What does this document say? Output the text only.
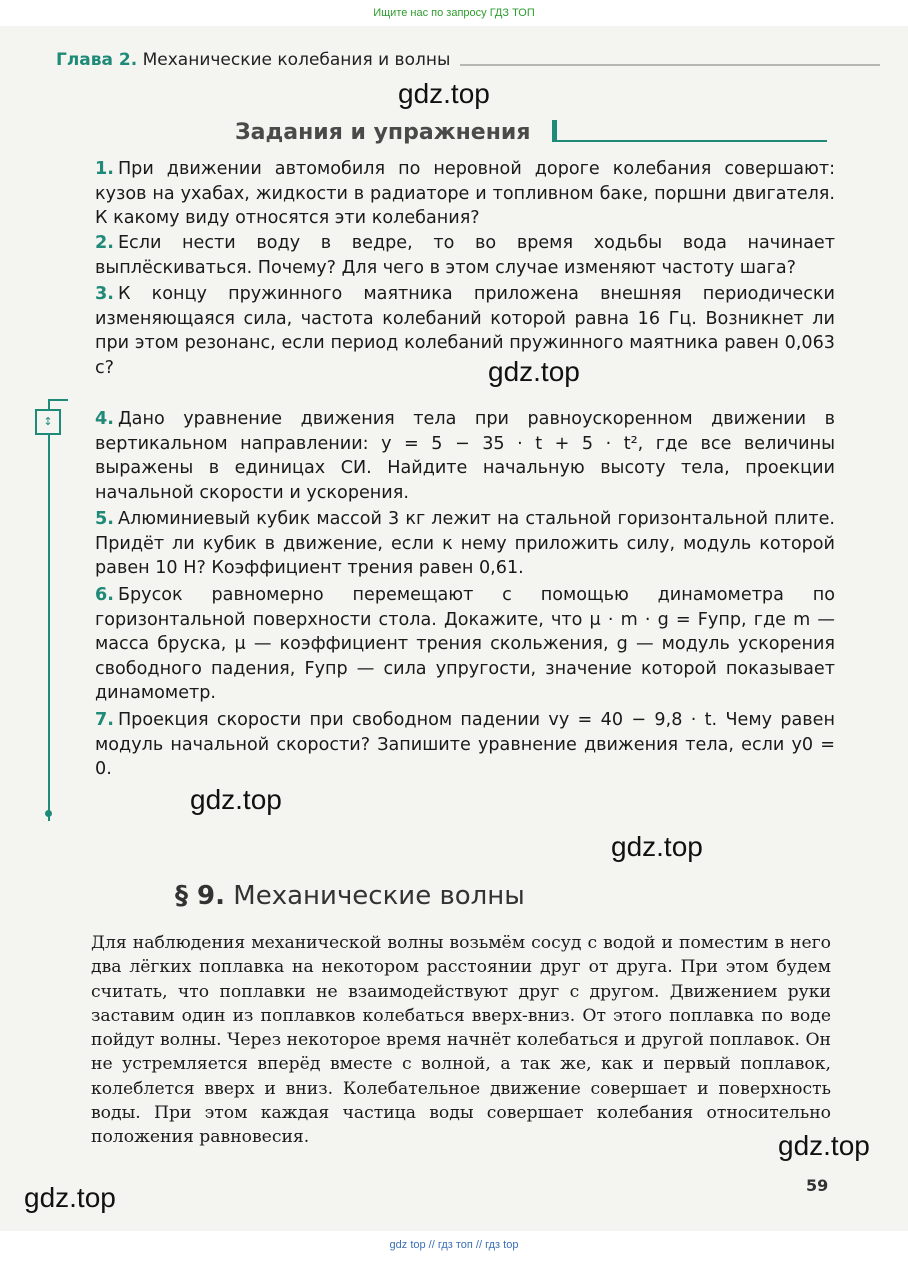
Ищите нас по запросу ГДЗ ТОП
Глава 2. Механические колебания и волны
gdz.top
Задания и упражнения
1. При движении автомобиля по неровной дороге колебания совершают: кузов на ухабах, жидкости в радиаторе и топливном баке, поршни двигателя. К какому виду относятся эти колебания?
2. Если нести воду в ведре, то во время ходьбы вода начинает выплёскиваться. Почему? Для чего в этом случае изменяют частоту шага?
3. К концу пружинного маятника приложена внешняя периодически изменяющаяся сила, частота колебаний которой равна 16 Гц. Возникнет ли при этом резонанс, если период колебаний пружинного маятника равен 0,063 с?	gdz.top
↕	4. Дано уравнение движения тела при равноускоренном движении в вертикальном направлении: y = 5 − 35 · t + 5 · t², где все величины выражены в единицах СИ. Найдите начальную высоту тела, проекции начальной скорости и ускорения.
5. Алюминиевый кубик массой 3 кг лежит на стальной горизонтальной плите. Придёт ли кубик в движение, если к нему приложить силу, модуль которой равен 10 Н? Коэффициент трения равен 0,61.
6. Брусок равномерно перемещают с помощью динамометра по горизонтальной поверхности стола. Докажите, что μ · m · g = Fупр, где m — масса бруска, μ — коэффициент трения скольжения, g — модуль ускорения свободного падения, Fупр — сила упругости, значение которой показывает динамометр.
7. Проекция скорости при свободном падении vy = 40 − 9,8 · t. Чему равен модуль начальной скорости? Запишите уравнение движения тела, если y0 = 0.
gdz.top
gdz.top
§ 9. Механические волны
Для наблюдения механической волны возьмём сосуд с водой и поместим в него два лёгких поплавка на некотором расстоянии друг от друга. При этом будем считать, что поплавки не взаимодействуют друг с другом. Движением руки заставим один из поплавков колебаться вверх-вниз. От этого поплавка по воде пойдут волны. Через некоторое время начнёт колебаться и другой поплавок. Он не устремляется вперёд вместе с волной, а так же, как и первый поплавок, колеблется вверх и вниз. Колебательное движение совершает и поверхность воды. При этом каждая частица воды совершает колебания относительно положения равновесия.	gdz.top
59
gdz.top
gdz top // гдз топ // гдз top
